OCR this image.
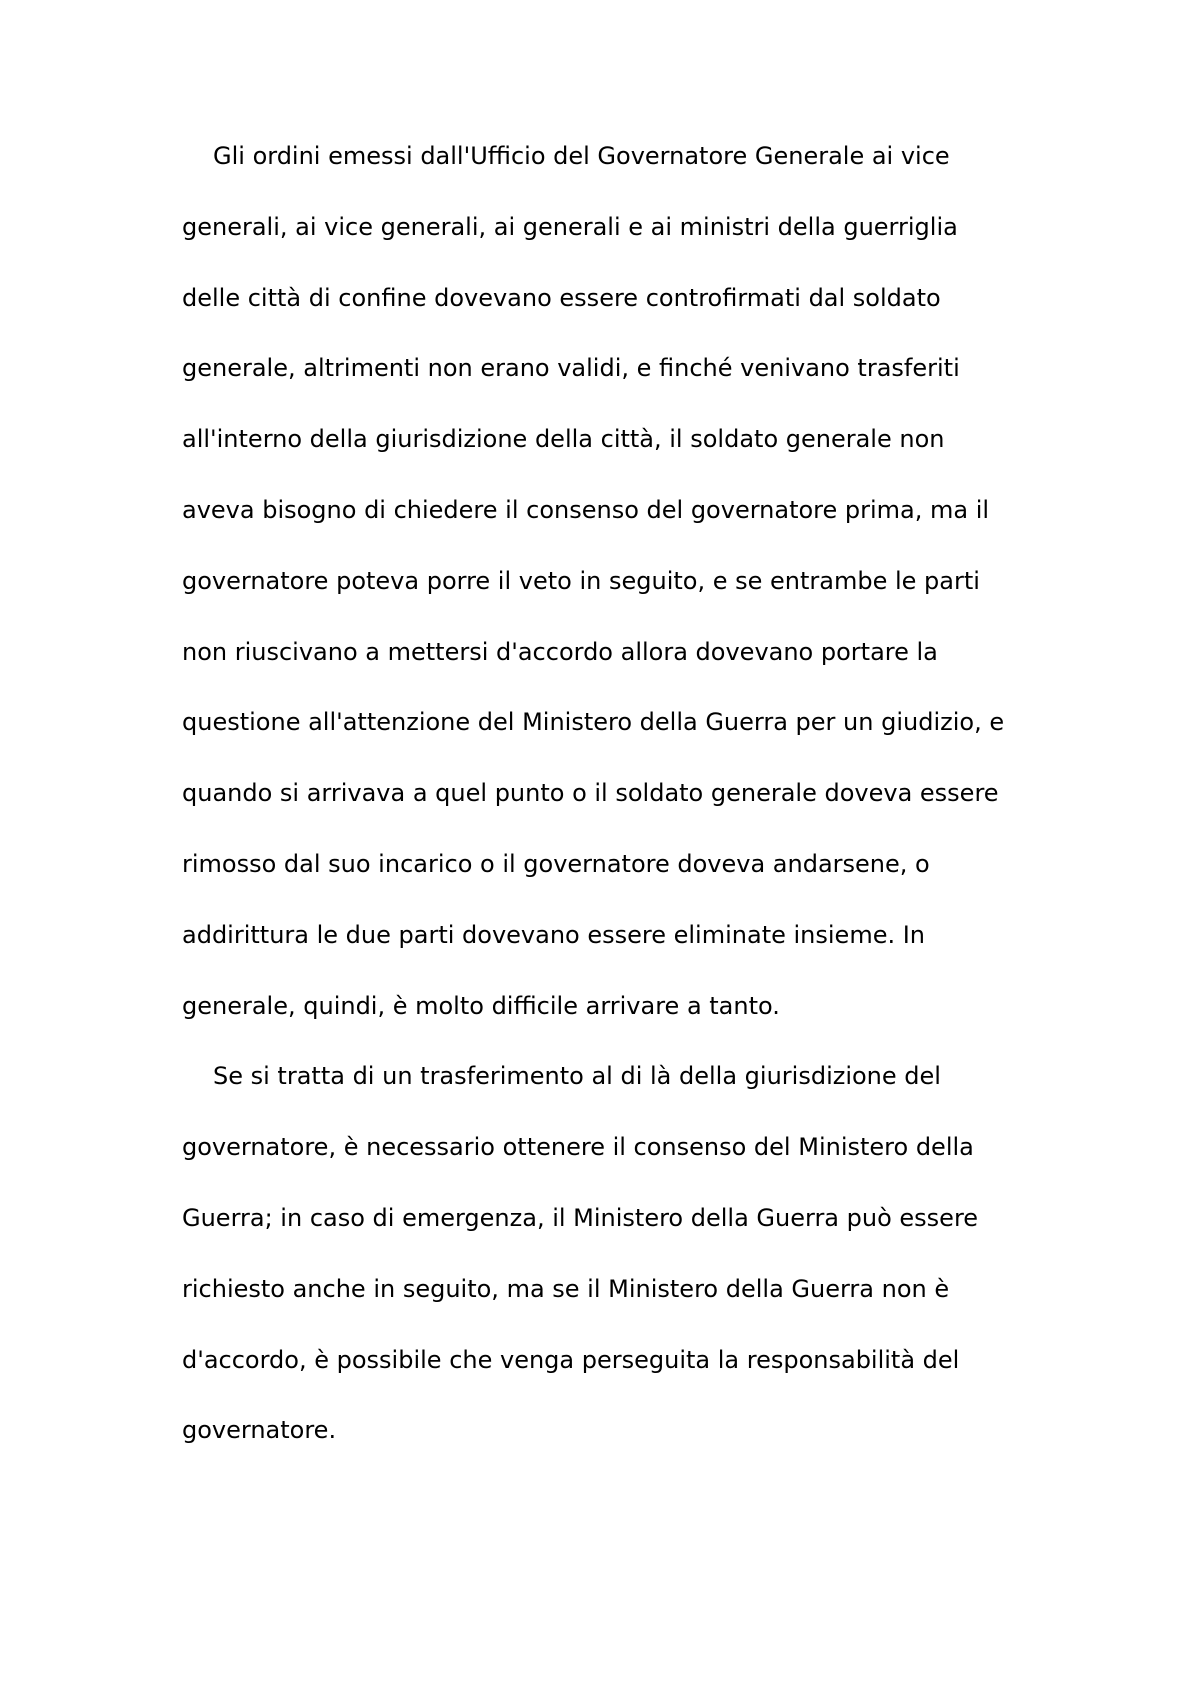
Gli ordini emessi dall'Ufficio del Governatore Generale ai vice
generali, ai vice generali, ai generali e ai ministri della guerriglia
delle città di confine dovevano essere controfirmati dal soldato
generale, altrimenti non erano validi, e finché venivano trasferiti
all'interno della giurisdizione della città, il soldato generale non
aveva bisogno di chiedere il consenso del governatore prima, ma il
governatore poteva porre il veto in seguito, e se entrambe le parti
non riuscivano a mettersi d'accordo allora dovevano portare la
questione all'attenzione del Ministero della Guerra per un giudizio, e
quando si arrivava a quel punto o il soldato generale doveva essere
rimosso dal suo incarico o il governatore doveva andarsene, o
addirittura le due parti dovevano essere eliminate insieme. In
generale, quindi, è molto difficile arrivare a tanto.
Se si tratta di un trasferimento al di là della giurisdizione del
governatore, è necessario ottenere il consenso del Ministero della
Guerra; in caso di emergenza, il Ministero della Guerra può essere
richiesto anche in seguito, ma se il Ministero della Guerra non è
d'accordo, è possibile che venga perseguita la responsabilità del
governatore.
